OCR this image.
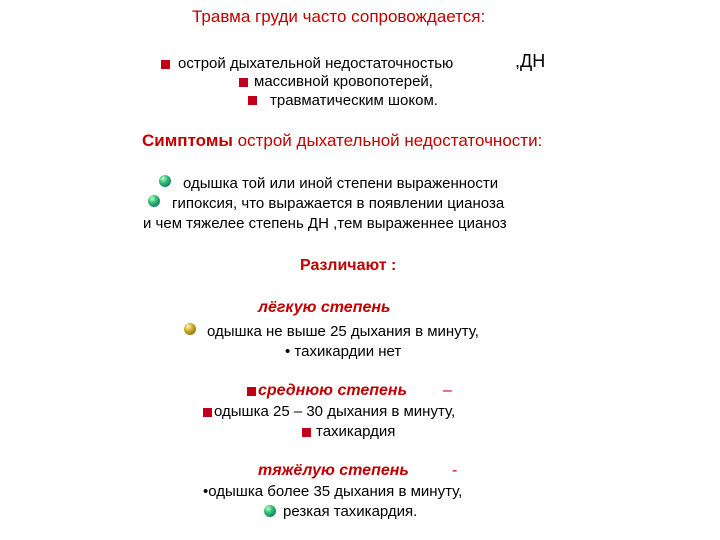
Травма груди часто сопровождается:
острой дыхательной недостаточностью	,ДН
массивной кровопотерей,
травматическим шоком.
Симптомы острой дыхательной недостаточности:
одышка той или иной степени выраженности
гипоксия, что выражается в появлении цианоза
и чем тяжелее степень ДН ,тем выраженнее цианоз
Различают :
лёгкую степень
одышка не выше 25 дыхания в минуту,
• тахикардии нет
среднюю степень –
одышка 25 – 30 дыхания в минуту,
тахикардия
тяжёлую степень	-
•одышка более 35 дыхания в минуту,
резкая тахикардия.
